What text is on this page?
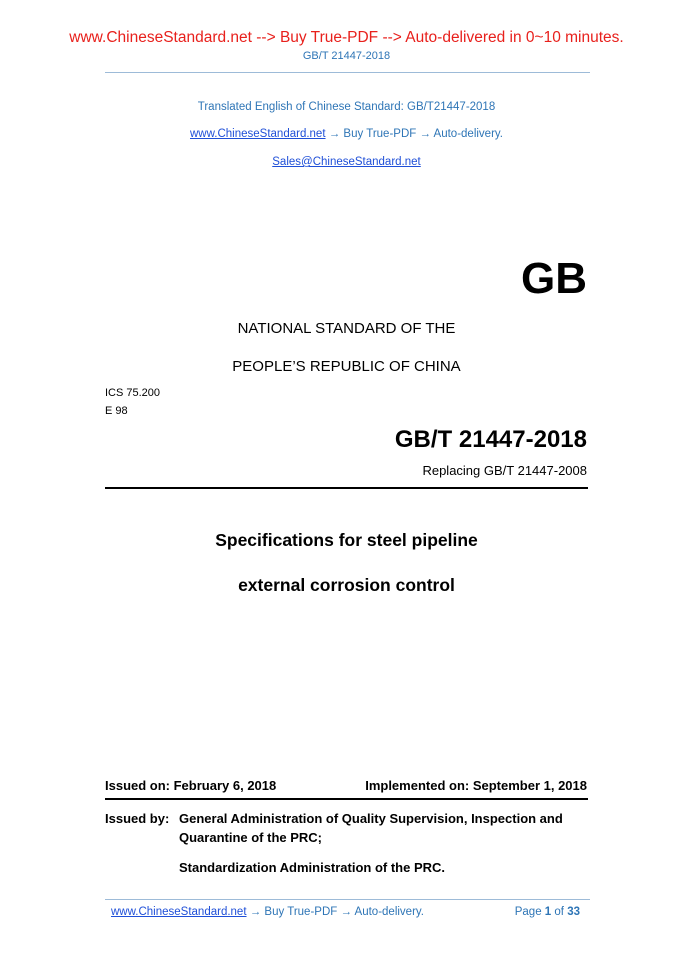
www.ChineseStandard.net --> Buy True-PDF --> Auto-delivered in 0~10 minutes.
GB/T 21447-2018
Translated English of Chinese Standard: GB/T21447-2018
www.ChineseStandard.net → Buy True-PDF → Auto-delivery.
Sales@ChineseStandard.net
GB
NATIONAL STANDARD OF THE
PEOPLE’S REPUBLIC OF CHINA
ICS 75.200
E 98
GB/T 21447-2018
Replacing GB/T 21447-2008
Specifications for steel pipeline
external corrosion control
Issued on: February 6, 2018	Implemented on: September 1, 2018
Issued by: General Administration of Quality Supervision, Inspection and
Quarantine of the PRC;
Standardization Administration of the PRC.
www.ChineseStandard.net → Buy True-PDF → Auto-delivery.	Page 1 of 33
